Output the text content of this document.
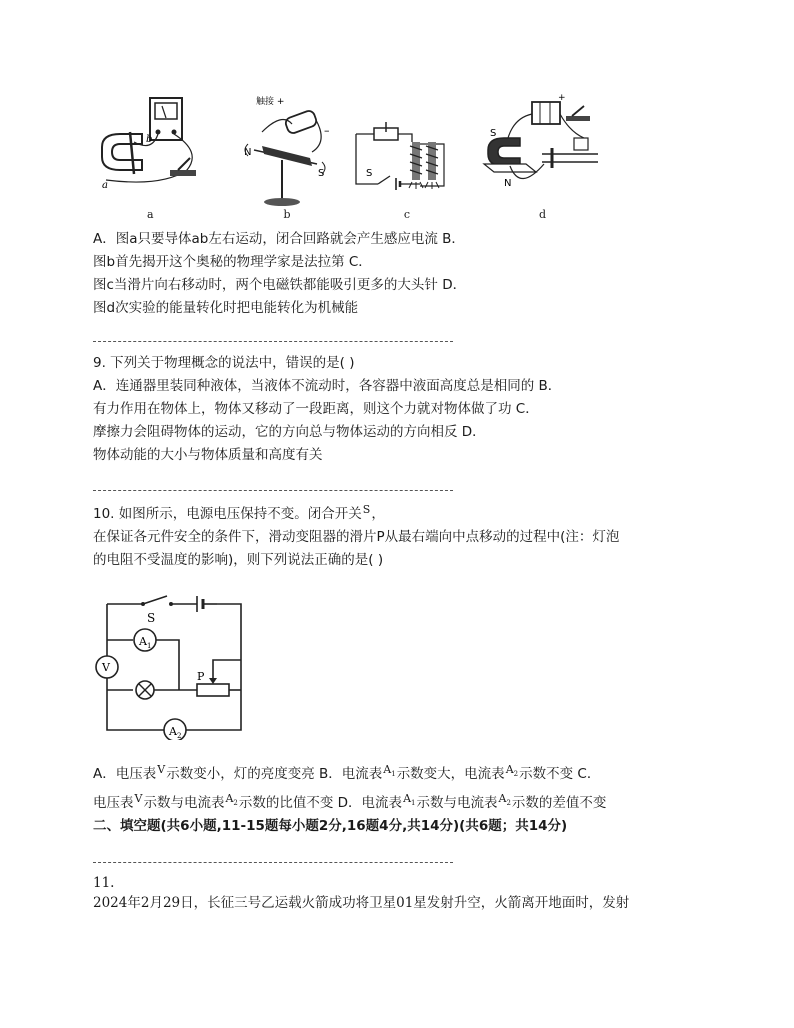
b
a
a
触接 +
–
N
S
b
S
c
+
S
N
d
A．图a只要导体ab左右运动，闭合回路就会产生感应电流 B．
图b首先揭开这个奥秘的物理学家是法拉第 C．
图c当滑片向右移动时，两个电磁铁都能吸引更多的大头针 D．
图d次实验的能量转化时把电能转化为机械能
9. 下列关于物理概念的说法中，错误的是( )
A．连通器里装同种液体，当液体不流动时，各容器中液面高度总是相同的 B．
有力作用在物体上，物体又移动了一段距离，则这个力就对物体做了功 C．
摩擦力会阻碍物体的运动，它的方向总与物体运动的方向相反 D．
物体动能的大小与物体质量和高度有关
10. 如图所示，电源电压保持不变。闭合开关$^S$，
在保证各元件安全的条件下，滑动变阻器的滑片P从最右端向中点移动的过程中(注：灯泡
的电阻不受温度的影响)，则下列说法正确的是( )
S
$A_1$
V
P
$A_2$
A．电压表$^V$示数变小，灯的亮度变亮 B．电流表$^{A_1}$示数变大，电流表$^{A_2}$示数不变 C．
电压表$^V$示数与电流表$^{A_2}$示数的比值不变 D．电流表$^{A_1}$示数与电流表$^{A_2}$示数的差值不变
二、填空题(共6小题,11-15题每小题2分,16题4分,共14分)(共6题；共14分)
11.
2024年2月29日，长征三号乙运载火箭成功将卫星01星发射升空，火箭离开地面时，发射
